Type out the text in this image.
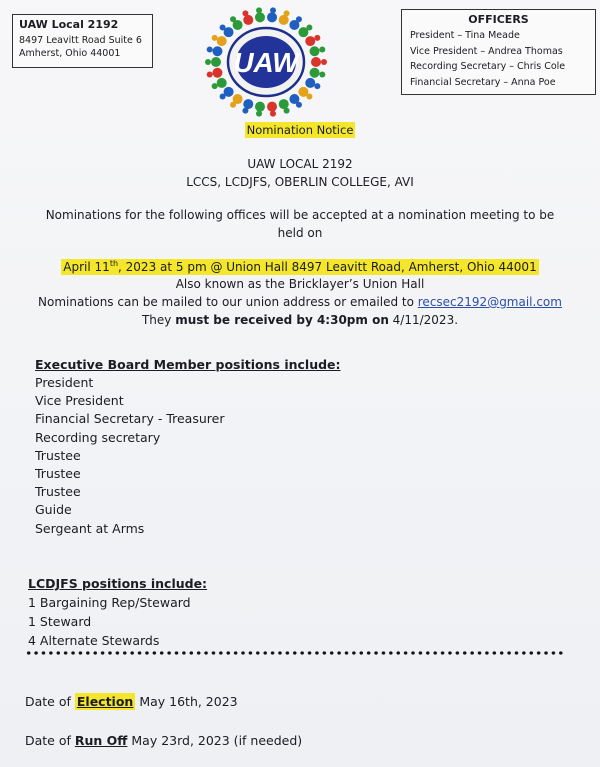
UAW Local 2192
8497 Leavitt Road Suite 6
Amherst, Ohio 44001	UAW
OFFICERS
President – Tina Meade
Vice President – Andrea Thomas
Recording Secretary – Chris Cole
Financial Secretary – Anna Poe
Nomination Notice
UAW LOCAL 2192
LCCS, LCDJFS, OBERLIN COLLEGE, AVI
Nominations for the following offices will be accepted at a nomination meeting to be
held on
April 11th, 2023 at 5 pm @ Union Hall 8497 Leavitt Road, Amherst, Ohio 44001
Also known as the Bricklayer’s Union Hall
Nominations can be mailed to our union address or emailed to recsec2192@gmail.com
They must be received by 4:30pm on 4/11/2023.
Executive Board Member positions include:
President
Vice President
Financial Secretary - Treasurer
Recording secretary
Trustee
Trustee
Trustee
Guide
Sergeant at Arms
LCDJFS positions include:
1 Bargaining Rep/Steward
1 Steward
4 Alternate Stewards
Date of Election May 16th, 2023
Date of Run Off May 23rd, 2023 (if needed)
